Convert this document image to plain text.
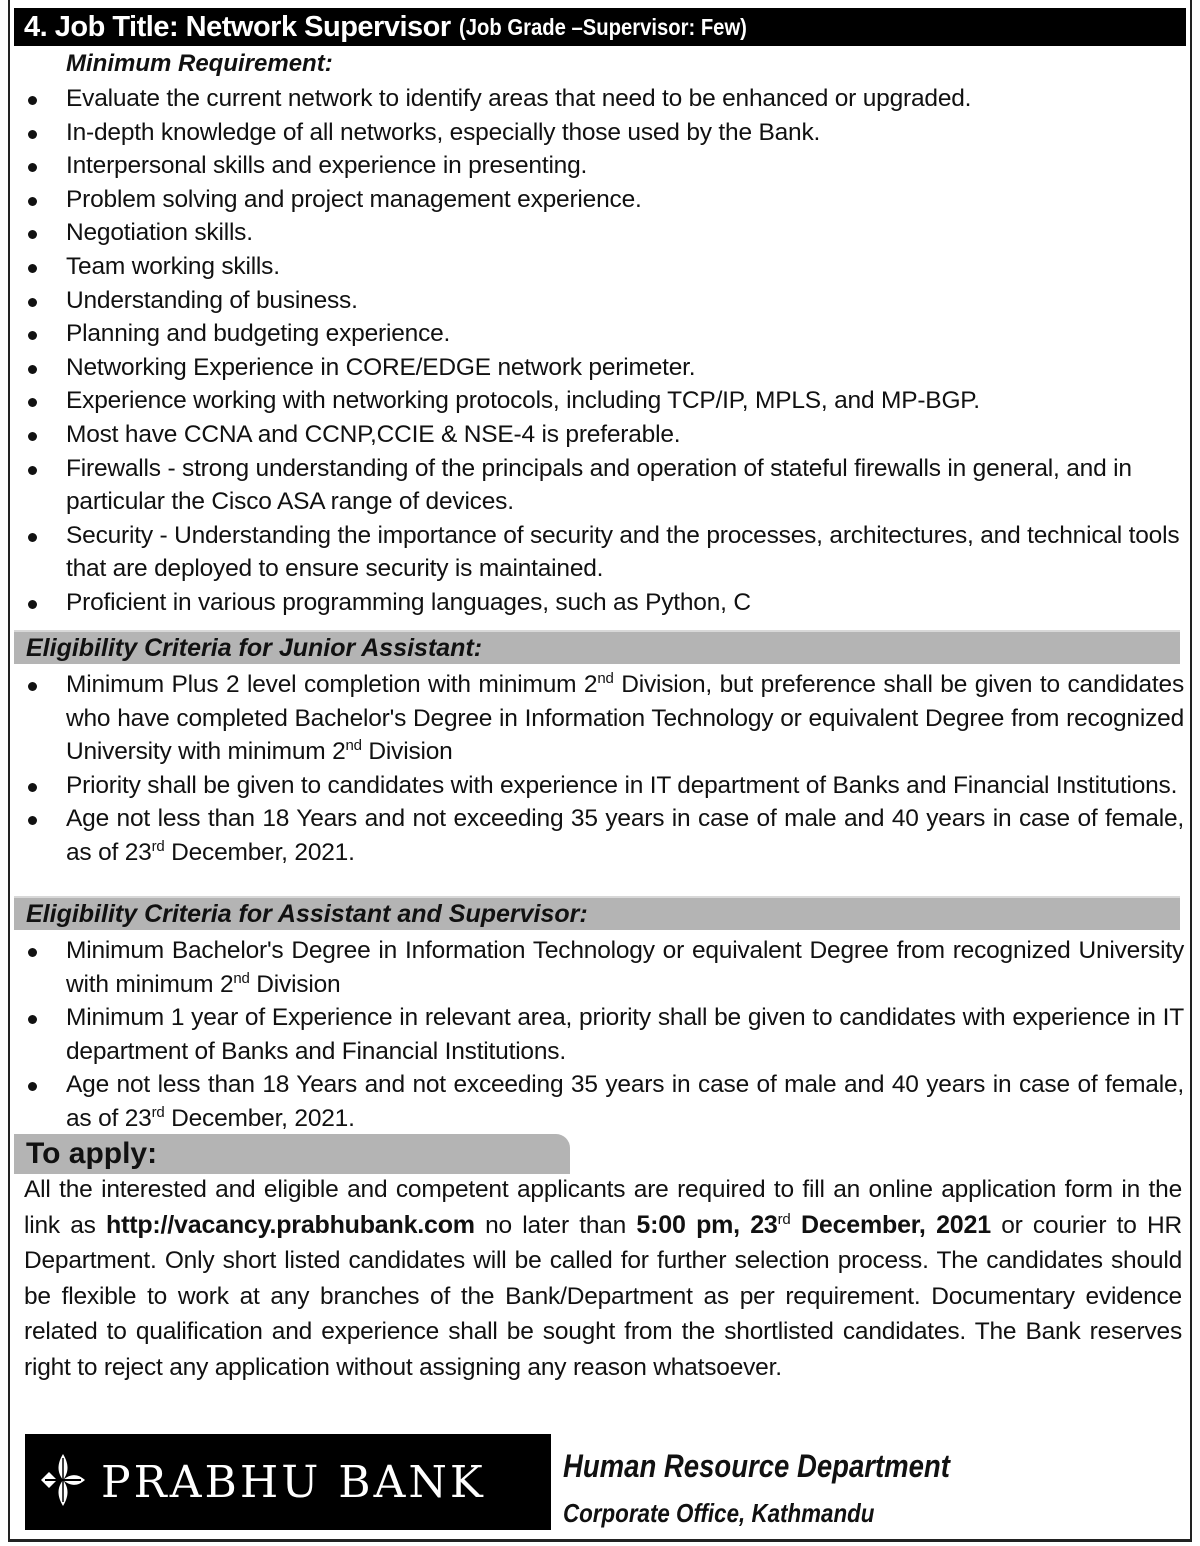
4. Job Title: Network Supervisor (Job Grade –Supervisor: Few)
Minimum Requirement:
Evaluate the current network to identify areas that need to be enhanced or upgraded.
In-depth knowledge of all networks, especially those used by the Bank.
Interpersonal skills and experience in presenting.
Problem solving and project management experience.
Negotiation skills.
Team working skills.
Understanding of business.
Planning and budgeting experience.
Networking Experience in CORE/EDGE network perimeter.
Experience working with networking protocols, including TCP/IP, MPLS, and MP-BGP.
Most have CCNA and CCNP,CCIE & NSE-4 is preferable.
Firewalls - strong understanding of the principals and operation of stateful firewalls in general, and in particular the Cisco ASA range of devices.
Security - Understanding the importance of security and the processes, architectures, and technical tools that are deployed to ensure security is maintained.
Proficient in various programming languages, such as Python, C
Eligibility Criteria for Junior Assistant:
Minimum Plus 2 level completion with minimum 2nd Division, but preference shall be given to candidates who have completed Bachelor's Degree in Information Technology or equivalent Degree from recognized University with minimum 2nd Division
Priority shall be given to candidates with experience in IT department of Banks and Financial Institutions.
Age not less than 18 Years and not exceeding 35 years in case of male and 40 years in case of female, as of 23rd December, 2021.
Eligibility Criteria for Assistant and Supervisor:
Minimum Bachelor's Degree in Information Technology or equivalent Degree from recognized University with minimum 2nd Division
Minimum 1 year of Experience in relevant area, priority shall be given to candidates with experience in IT department of Banks and Financial Institutions.
Age not less than 18 Years and not exceeding 35 years in case of male and 40 years in case of female, as of 23rd December, 2021.
To apply:
All the interested and eligible and competent applicants are required to fill an online application form in the link as http://vacancy.prabhubank.com no later than 5:00 pm, 23rd December, 2021 or courier to HR Department. Only short listed candidates will be called for further selection process. The candidates should be flexible to work at any branches of the Bank/Department as per requirement. Documentary evidence related to qualification and experience shall be sought from the shortlisted candidates. The Bank reserves right to reject any application without assigning any reason whatsoever.
PRABHU BANK Human Resource Department
Corporate Office, Kathmandu
